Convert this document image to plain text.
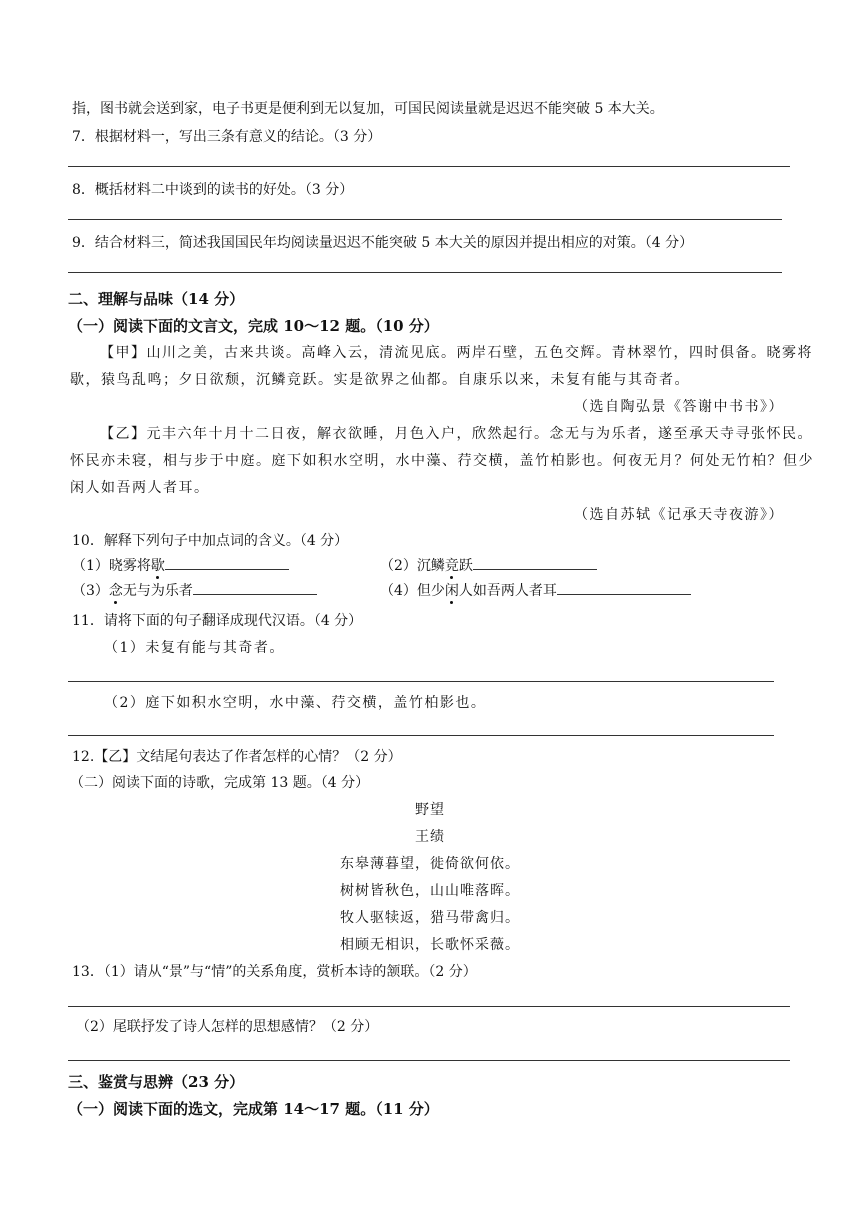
指，图书就会送到家，电子书更是便利到无以复加，可国民阅读量就是迟迟不能突破 5 本大关。
7．根据材料一，写出三条有意义的结论。（3 分）
8．概括材料二中谈到的读书的好处。（3 分）
9．结合材料三，简述我国国民年均阅读量迟迟不能突破 5 本大关的原因并提出相应的对策。（4 分）
二、理解与品味（14 分）
（一）阅读下面的文言文，完成 10～12 题。（10 分）
【甲】山川之美，古来共谈。高峰入云，清流见底。两岸石壁，五色交辉。青林翠竹，四时俱备。晓雾将
歇，猿鸟乱鸣；夕日欲颓，沉鳞竞跃。实是欲界之仙都。自康乐以来，未复有能与其奇者。
（选自陶弘景《答谢中书书》）
【乙】元丰六年十月十二日夜，解衣欲睡，月色入户，欣然起行。念无与为乐者，遂至承天寺寻张怀民。
怀民亦未寝，相与步于中庭。庭下如积水空明，水中藻、荇交横，盖竹柏影也。何夜无月？何处无竹柏？但少
闲人如吾两人者耳。
（选自苏轼《记承天寺夜游》）
10．解释下列句子中加点词的含义。（4 分）
（1）晓雾将歇	（2）沉鳞竞跃
（3）念无与为乐者	（4）但少闲人如吾两人者耳
11．请将下面的句子翻译成现代汉语。（4 分）
（1）未复有能与其奇者。
（2）庭下如积水空明，水中藻、荇交横，盖竹柏影也。
12.【乙】文结尾句表达了作者怎样的心情？（2 分）
（二）阅读下面的诗歌，完成第 13 题。（4 分）
野望
王绩
东皋薄暮望，徙倚欲何依。
树树皆秋色，山山唯落晖。
牧人驱犊返，猎马带禽归。
相顾无相识，长歌怀采薇。
13．（1）请从“景”与“情”的关系角度，赏析本诗的颔联。（2 分）
（2）尾联抒发了诗人怎样的思想感情？（2 分）
三、鉴赏与思辨（23 分）
（一）阅读下面的选文，完成第 14～17 题。（11 分）
